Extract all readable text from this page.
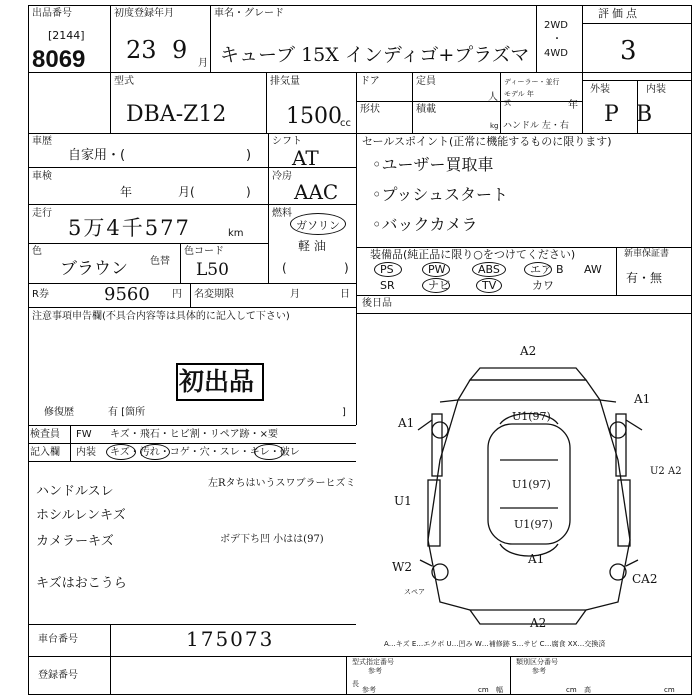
出品番号
[2144]
8069
初度登録年月
23 9 月
車名・グレード
キューブ 15X インディゴ+プラズマ
2WD
・
4WD
評価点
3
型式
DBA-Z12
排気量
1500
cc
ドア	定員
人
ディーラー・並行
モデル 年式	年
形状	積載
kg ハンドル 左・右
外装	内装
P B
車歴
自家用・(	)
シフト
AT
車検
年	月(	)
冷房
AAC
走行
5万4千577	km
燃料
ガソリン
軽 油
(	)
色
ブラウン 色替
色コード
L50
R券	9560 円 名変期限	月	日
注意事項申告欄(不具合内容等は具体的に記入して下さい)
初出品
修復歴	有 [箇所	]
セールスポイント(正常に機能するものに限ります)
◦ユーザー買取車
◦プッシュスタート
◦バックカメラ
装備品(純正品に限り○をつけてください)
PS	PW	ABS	エア B AW
SR	ナビ	TV	カワ
新車保証書
有・無
後日品
検査員
記入欄
FW キズ・飛石・ヒビ割・リペア跡・×要
内装 キズ・汚れ・コゲ・穴・スレ・キレ・破レ
ハンドルスレ
ホシルレンキズ
カメラーキズ
キズはおこうら
左Rタちはいうスワブラーヒズミ
ボデ下ち凹 小はは(97)
A2
A1	U1(97)
A1
U2 A2
U1
U1(97)
U1(97)
A1
W2
CA2
A2
スペア
A…キズ E…エクボ U…凹み W…補修跡 S…サビ C…腐食 XX…交換済
車台番号	175073
登録番号
型式指定番号
参考
類別区分番号
参考
長
参考	cm 幅	cm 高	cm
